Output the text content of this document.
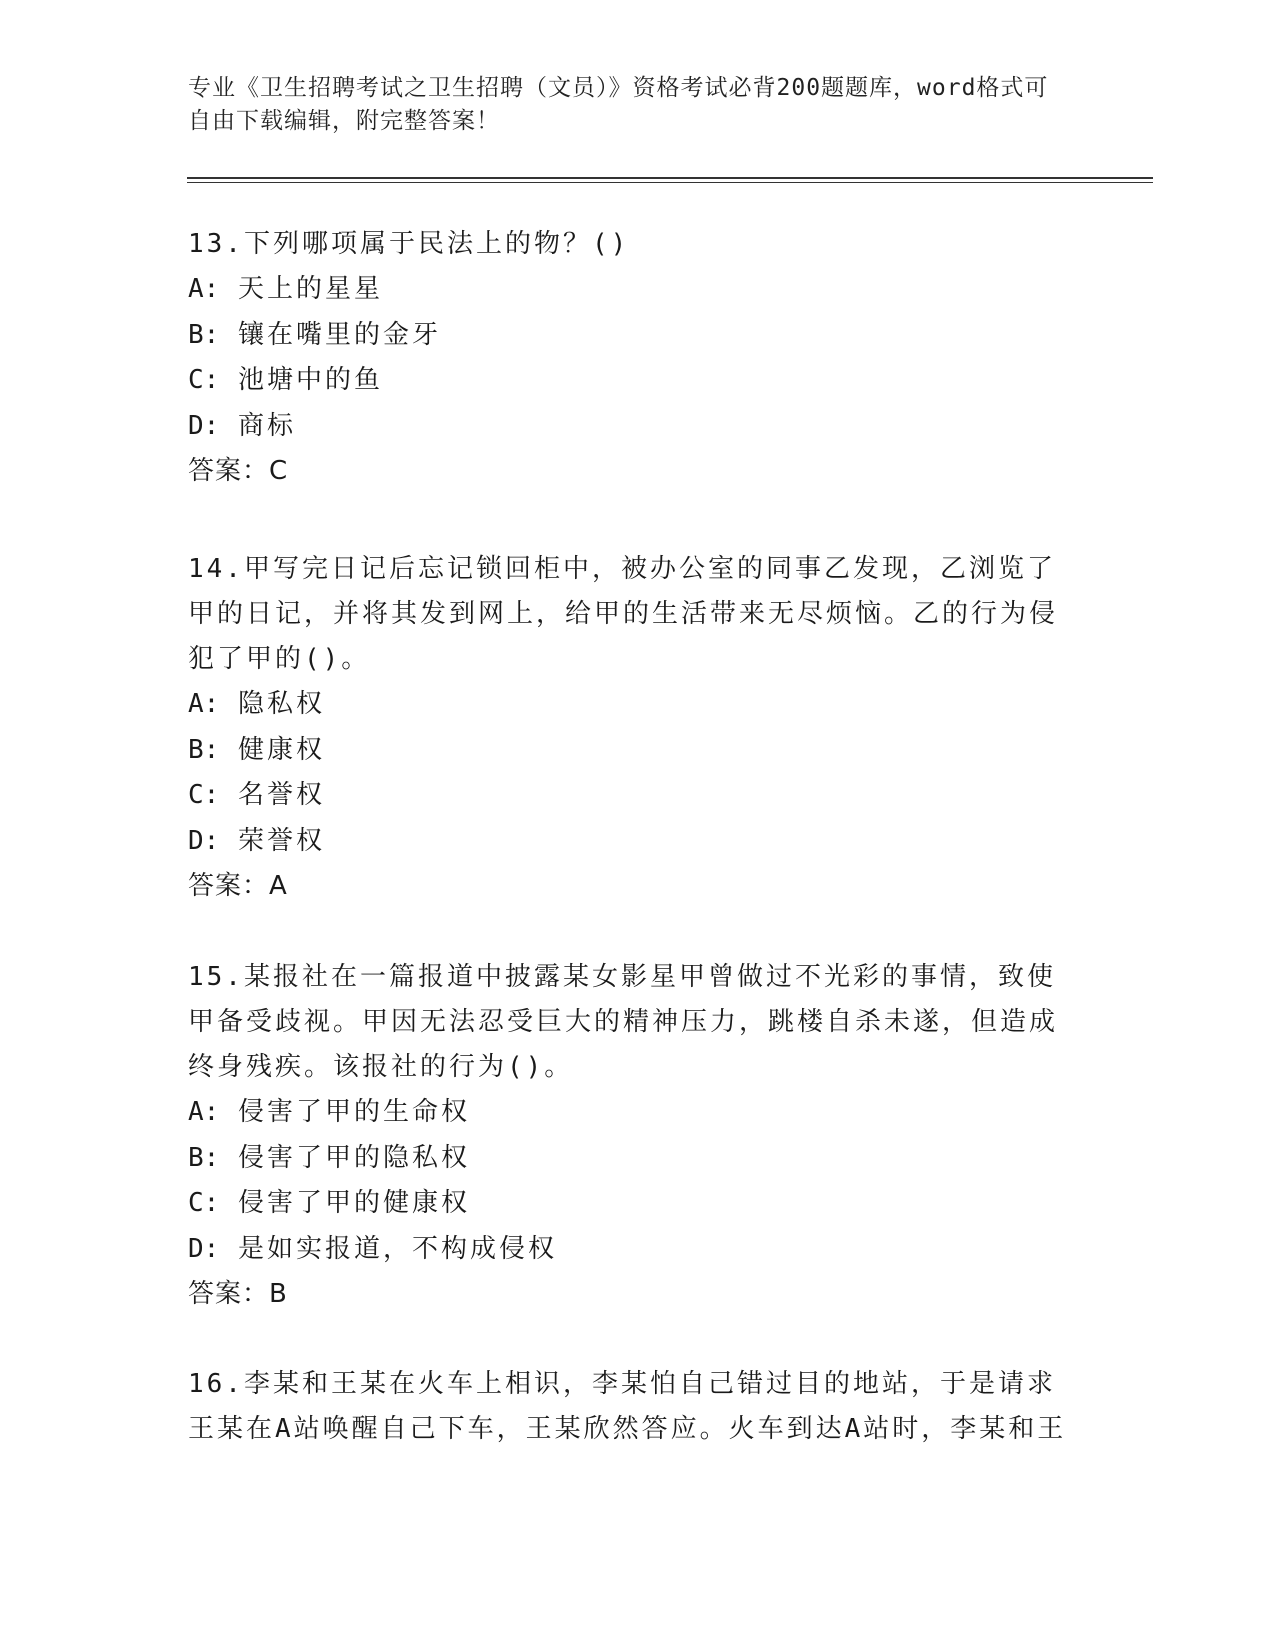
专业《卫生招聘考试之卫生招聘（文员）》资格考试必背200题题库，word格式可自由下载编辑，附完整答案！

13.下列哪项属于民法上的物？()

A: 天上的星星

B: 镶在嘴里的金牙

C: 池塘中的鱼

D: 商标

答案：C

14.甲写完日记后忘记锁回柜中，被办公室的同事乙发现，乙浏览了甲的日记，并将其发到网上，给甲的生活带来无尽烦恼。乙的行为侵犯了甲的()。

A: 隐私权

B: 健康权

C: 名誉权

D: 荣誉权

答案：A

15.某报社在一篇报道中披露某女影星甲曾做过不光彩的事情，致使甲备受歧视。甲因无法忍受巨大的精神压力，跳楼自杀未遂，但造成终身残疾。该报社的行为()。

A: 侵害了甲的生命权

B: 侵害了甲的隐私权

C: 侵害了甲的健康权

D: 是如实报道，不构成侵权

答案：B

16.李某和王某在火车上相识，李某怕自己错过目的地站，于是请求王某在A站唤醒自己下车，王某欣然答应。火车到达A站时，李某和王
